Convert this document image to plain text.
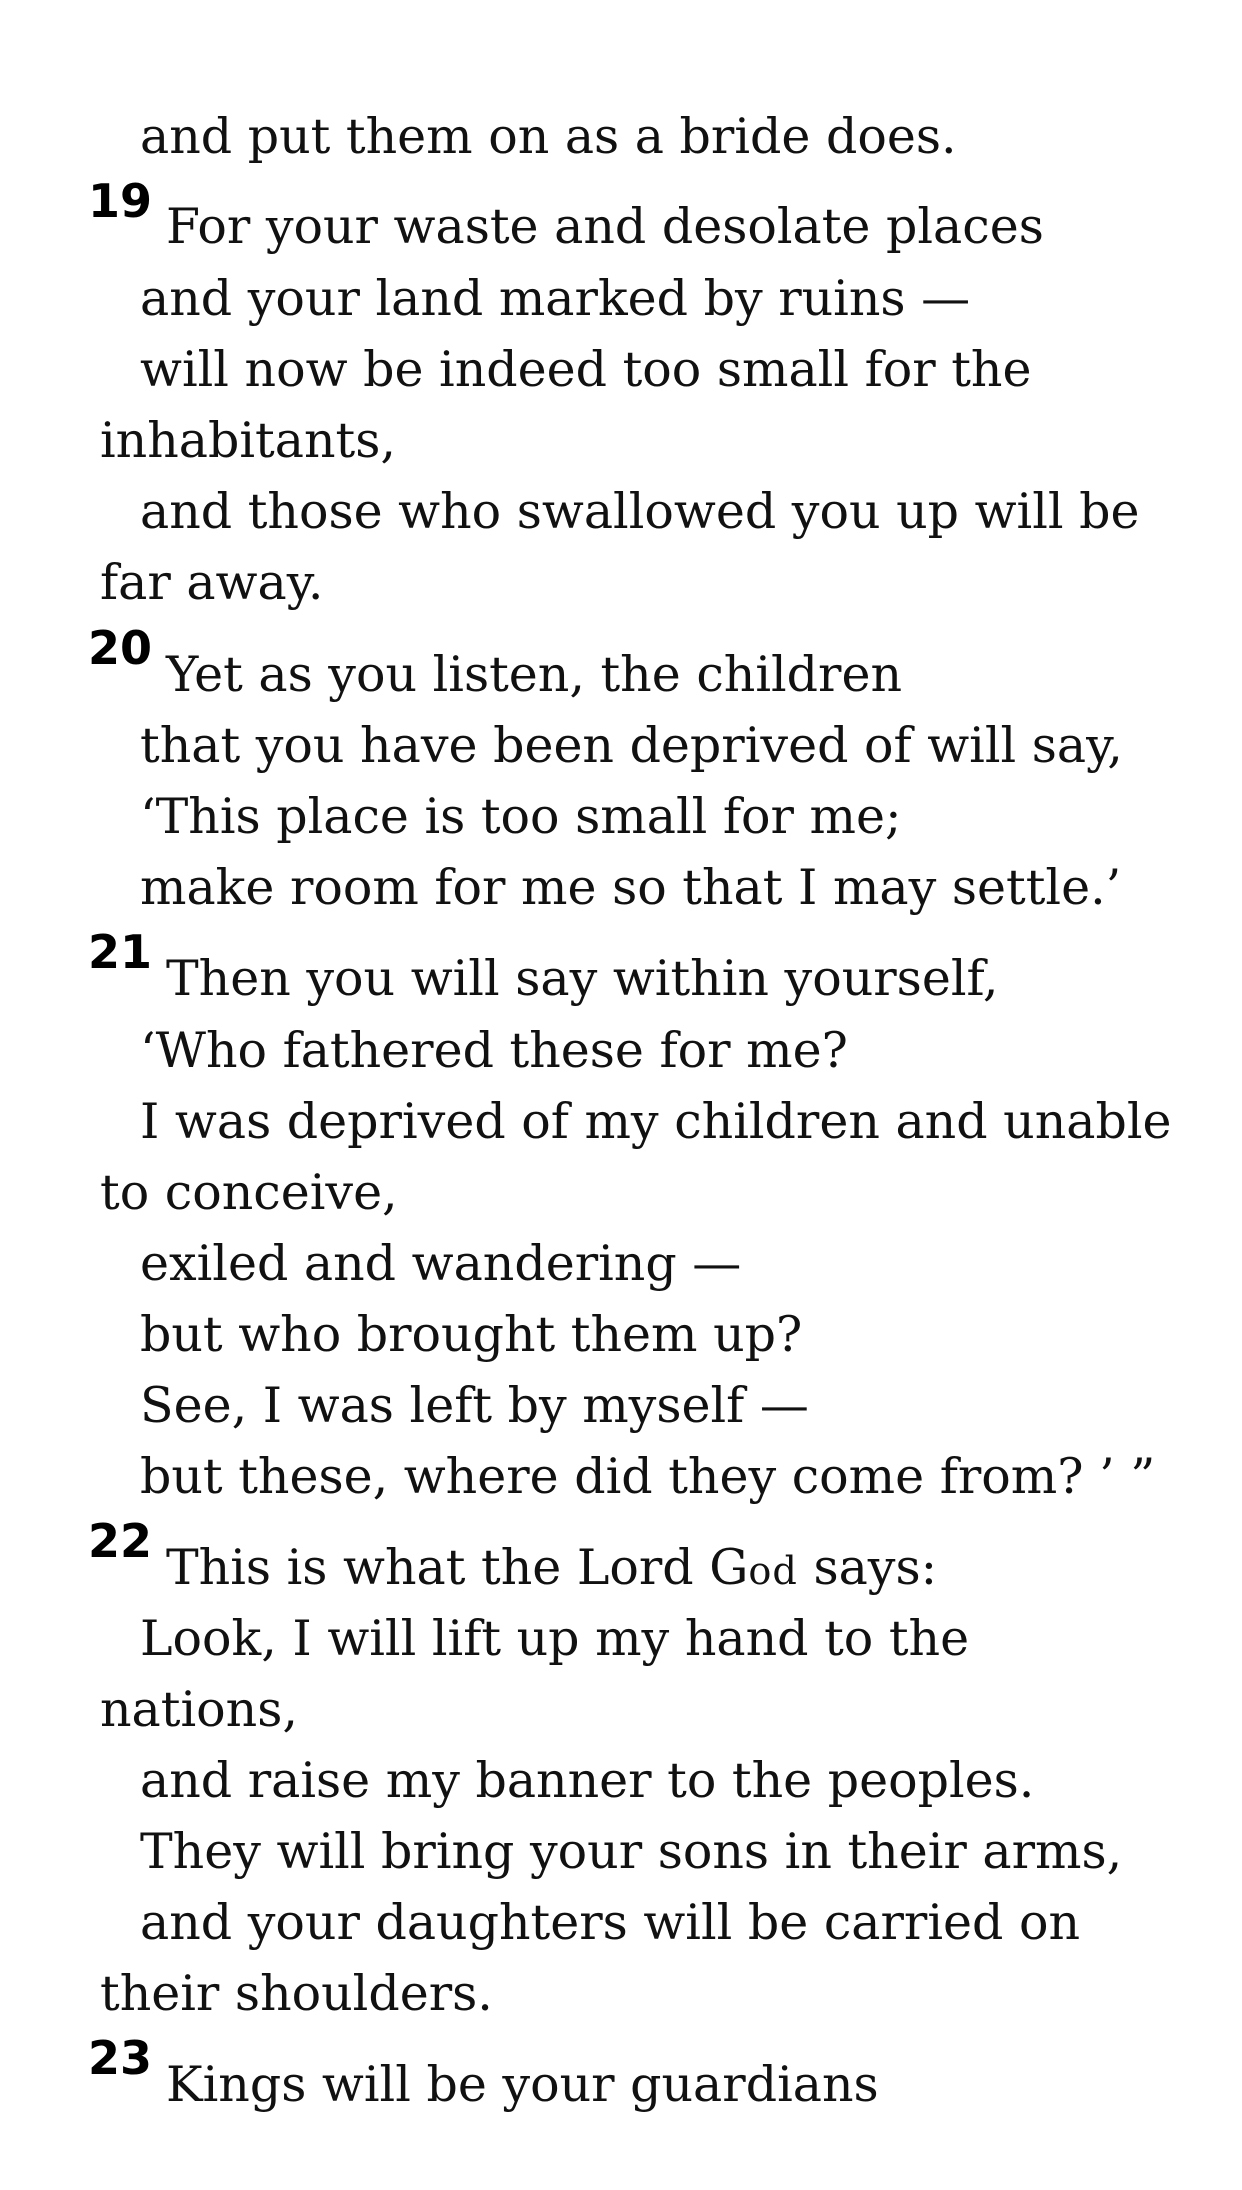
and put them on as a bride does.
19 For your waste and desolate places
and your land marked by ruins —
will now be indeed too small for the
inhabitants,
and those who swallowed you up will be
far away.
20 Yet as you listen, the children
that you have been deprived of will say,
‘This place is too small for me;
make room for me so that I may settle.’
21 Then you will say within yourself,
‘Who fathered these for me?
I was deprived of my children and unable
to conceive,
exiled and wandering —
but who brought them up?
See, I was left by myself —
but these, where did they come from? ’ ”
22 This is what the Lord God says:
Look, I will lift up my hand to the
nations,
and raise my banner to the peoples.
They will bring your sons in their arms,
and your daughters will be carried on
their shoulders.
23 Kings will be your guardians
